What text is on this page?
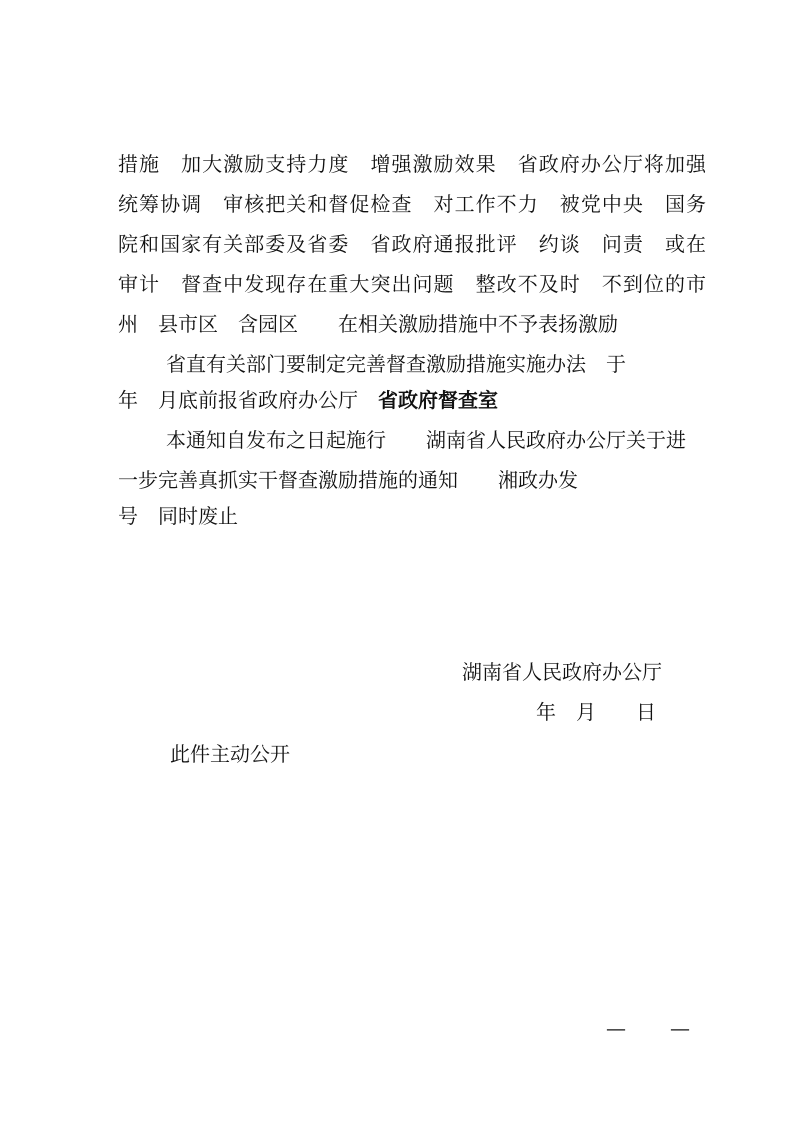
措施　加大激励支持力度　增强激励效果　省政府办公厅将加强

统筹协调　审核把关和督促检查　对工作不力　被党中央　国务

院和国家有关部委及省委　省政府通报批评　约谈　问责　或在

审计　督查中发现存在重大突出问题　整改不及时　不到位的市

州　县市区　含园区　　在相关激励措施中不予表扬激励

省直有关部门要制定完善督查激励措施实施办法　于

年　月底前报省政府办公厅　省政府督查室

本通知自发布之日起施行　　湖南省人民政府办公厅关于进

一步完善真抓实干督查激励措施的通知　　湘政办发

号　同时废止

湖南省人民政府办公厅

年　月　　日

此件主动公开

— —
